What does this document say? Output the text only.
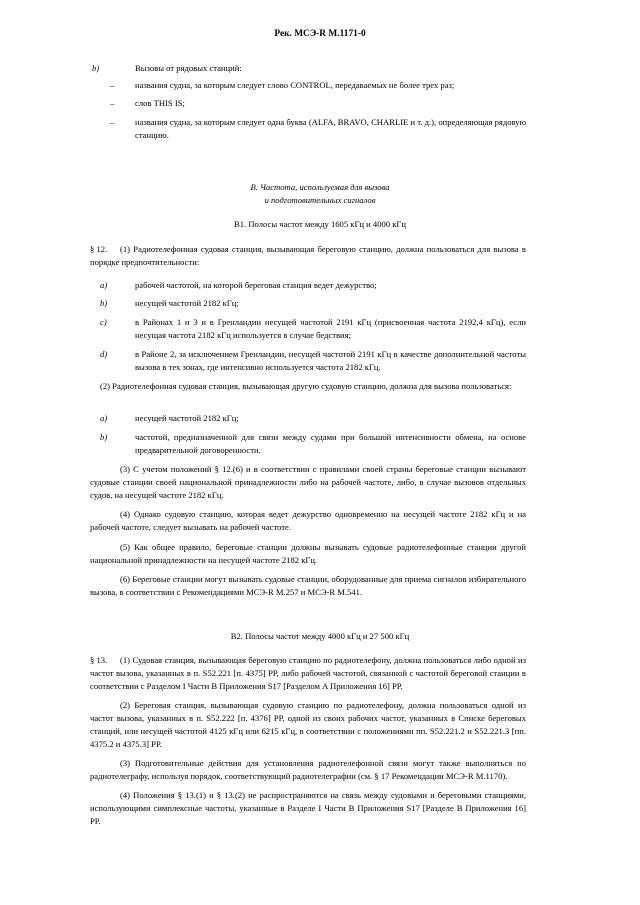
Рек. МСЭ-R M.1171-0
b)	Вызовы от рядовых станций:
– названия судна, за которым следует слово CONTROL, передаваемых не более трех раз;
– слов THIS IS;
– названия судна, за которым следует одна буква (ALFA, BRAVO, CHARLIE и т. д.), определяющая рядовую станцию.
B. Частота, используемая для вызова
и подготовительных сигналов
B1. Полосы частот между 1605 кГц и 4000 кГц
§ 12.	(1) Радиотелефонная судовая станция, вызывающая береговую станцию, должна пользоваться для вызова в порядке предпочтительности:
a)	рабочей частотой, на которой береговая станция ведет дежурство;
b)	несущей частотой 2182 кГц;
c)	в Районах 1 и 3 и в Гренландии несущей частотой 2191 кГц (присвоенная частота 2192,4 кГц), если несущая частота 2182 кГц используется в случае бедствия;
d)	в Районе 2, за исключением Гренландии, несущей частотой 2191 кГц в качестве дополнительной частоты вызова в тех зонах, где интенсивно используется частота 2182 кГц.
(2) Радиотелефонная судовая станция, вызывающая другую судовую станцию, должна для вызова пользоваться:
a)	несущей частотой 2182 кГц;
b)	частотой, предназначенной для связи между судами при большой интенсивности обмена, на основе предварительной договоренности.
(3) С учетом положений § 12.(6) и в соответствии с правилами своей страны береговые станции вызывают судовые станции своей национальной принадлежности либо на рабочей частоте, либо, в случае вызовов отдельных судов, на несущей частоте 2182 кГц.
(4) Однако судовую станцию, которая ведет дежурство одновременно на несущей частоте 2182 кГц и на рабочей частоте, следует вызывать на рабочей частоте.
(5) Как общее правило, береговые станции должны вызывать судовые радиотелефонные станции другой национальной принадлежности на несущей частоте 2182 кГц.
(6) Береговые станции могут вызывать судовые станции, оборудованные для приема сигналов избирательного вызова, в соответствии с Рекомендациями МСЭ-R M.257 и МСЭ-R M.541.
B2. Полосы частот между 4000 кГц и 27 500 кГц
§ 13.	(1) Судовая станция, вызывающая береговую станцию по радиотелефону, должна пользоваться либо одной из частот вызова, указанных в п. S52.221 [п. 4375] РР, либо рабочей частотой, связанной с частотой береговой станции в соответствии с Разделом I Части B Приложения S17 [Разделом A Приложения 16] РР.
(2) Береговая станция, вызывающая судовую станцию по радиотелефону, должна пользоваться одной из частот вызова, указанных в п. S52.222 [п. 4376] РР, одной из своих рабочих частот, указанных в Списке береговых станций, или несущей частотой 4125 кГц или 6215 кГц, в соответствии с положениями пп. S52.221.2 и S52.221.3 [пп. 4375.2 и 4375.3] РР.
(3) Подготовительные действия для установления радиотелефонной связи могут также выполняться по радиотелеграфу, используя порядок, соответствующий радиотелеграфии (см. § 17 Рекомендации МСЭ-R M.1170).
(4) Положения § 13.(1) и § 13.(2) не распространяются на связь между судовыми и береговыми станциями, использующими симплексные частоты, указанные в Разделе I Части B Приложения S17 [Разделе B Приложения 16] РР.
